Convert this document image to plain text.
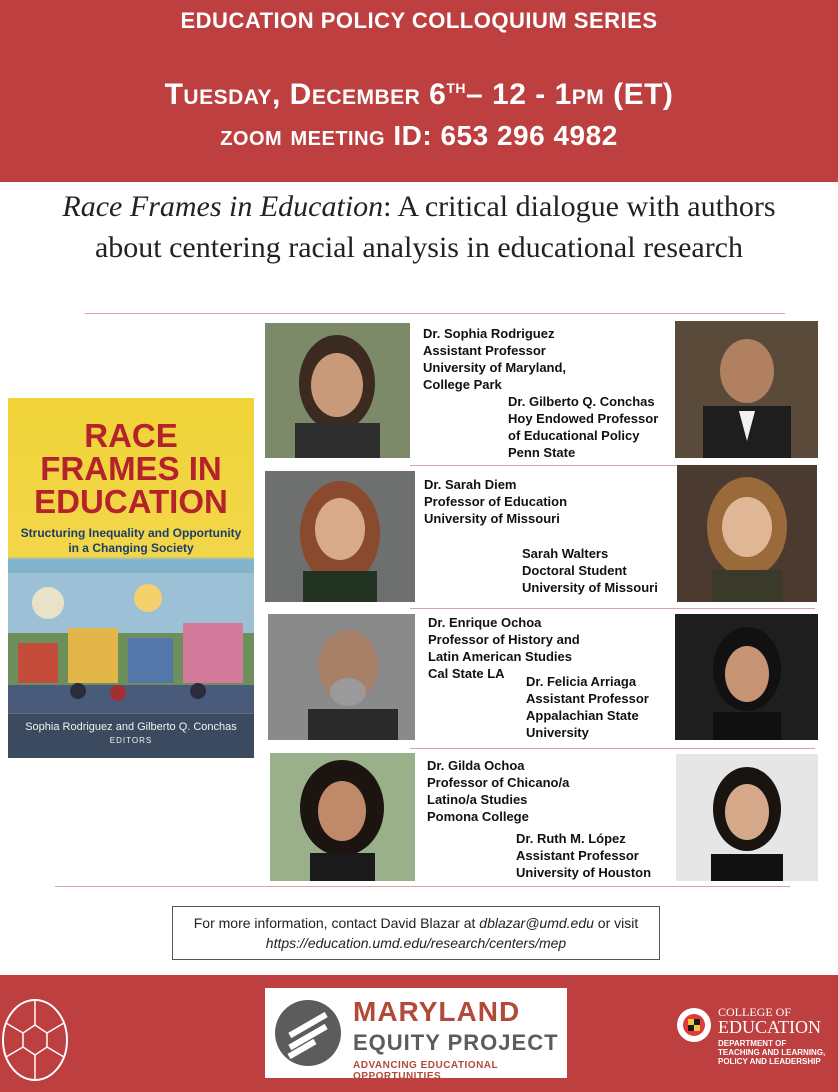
EDUCATION POLICY COLLOQUIUM SERIES
Tuesday, December 6TH– 12 - 1pm (ET)
zoom meeting ID: 653 296 4982
Race Frames in Education: A critical dialogue with authors about centering racial analysis in educational research
RACE
FRAMES IN
EDUCATION
Structuring Inequality and Opportunity in a Changing Society
Sophia Rodriguez and Gilberto Q. Conchas
EDITORS
Dr. Sophia Rodriguez
Assistant Professor
University of Maryland,
College Park
Dr. Gilberto Q. Conchas
Hoy Endowed Professor
of Educational Policy
Penn State
Dr. Sarah Diem
Professor of Education
University of Missouri
Sarah Walters
Doctoral Student
University of Missouri
Dr. Enrique Ochoa
Professor of History and
Latin American Studies
Cal State LA
Dr. Felicia Arriaga
Assistant Professor
Appalachian State
University
Dr. Gilda Ochoa
Professor of Chicano/a
Latino/a Studies
Pomona College
Dr. Ruth M. López
Assistant Professor
University of Houston
For more information, contact David Blazar at dblazar@umd.edu or visit https://education.umd.edu/research/centers/mep
MARYLAND
EQUITY PROJECT
ADVANCING EDUCATIONAL OPPORTUNITIES
COLLEGE OF
EDUCATION
DEPARTMENT OF TEACHING AND LEARNING, POLICY AND LEADERSHIP
